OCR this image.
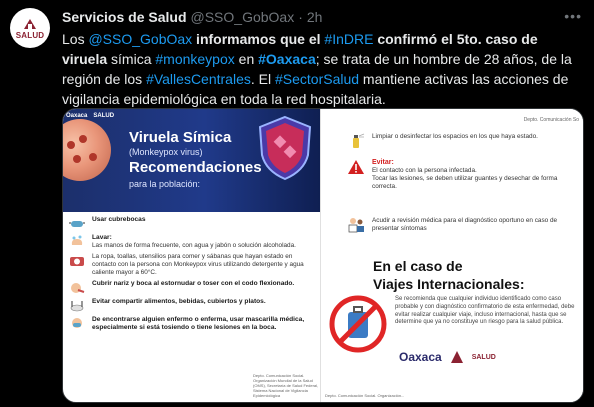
SALUD
Servicios de Salud @SSO_GobOax · 2h	•••
Los @SSO_GobOax informamos que el #InDRE confirmó el 5to. caso de viruela símica #monkeypox en #Oaxaca; se trata de un hombre de 28 años, de la región de los #VallesCentrales. El #SectorSalud mantiene activas las acciones de vigilancia epidemiológica en toda la red hospitalaria.
Oaxaca SALUD
Viruela Símica
(Monkeypox virus)
Recomendaciones
para la población:
Usar cubrebocas
Lavar:
Las manos de forma frecuente, con agua y jabón o solución alcoholada.
La ropa, toallas, utensilios para comer y sábanas que hayan estado en contacto con la persona con Monkeypox virus utilizando detergente y agua caliente mayor a 60°C.
Cubrir nariz y boca al estornudar o toser con el codo flexionado.
Evitar compartir alimentos, bebidas, cubiertos y platos.
De encontrarse alguien enfermo o enferma, usar mascarilla médica, especialmente si está tosiendo o tiene lesiones en la boca.
Depto. Comunicación Social. Organización Mundial de la Salud (OMS), Secretaría de Salud Federal, Sistema Nacional de Vigilancia Epidemiológica
Depto. Comunicación So
Limpiar o desinfectar los espacios en los que haya estado.
Evitar:
El contacto con la persona infectada.
Tocar las lesiones, se deben utilizar guantes y desechar de forma correcta.
Acudir a revisión médica para el diagnóstico oportuno en caso de presentar síntomas
En el caso de
Viajes Internacionales:
Se recomienda que cualquier individuo identificado como caso probable y con diagnóstico confirmatorio de esta enfermedad, debe evitar realizar cualquier viaje, incluso internacional, hasta que se determine que ya no constituye un riesgo para la salud pública.
Oaxaca	SALUD
Depto. Comunicación Social. Organización...
